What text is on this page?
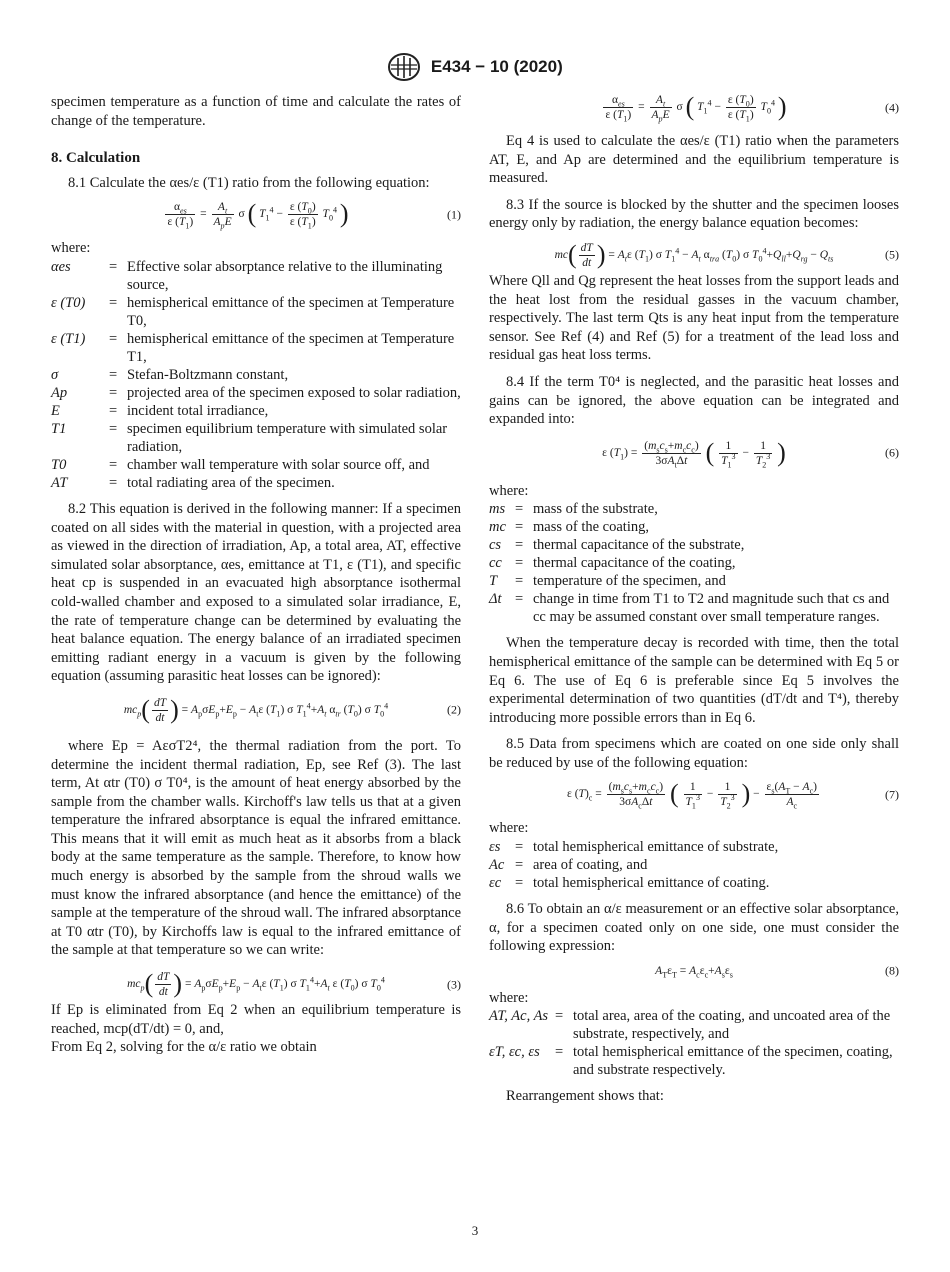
E434 − 10 (2020)

specimen temperature as a function of time and calculate the rates of change of the temperature.

8. Calculation

8.1 Calculate the αes/ε (T1) ratio from the following equation:

$\frac{\alpha_{es}}{\varepsilon (T_1)} = \frac{A_t}{A_pE}$ σ ( $T_1^4 - \frac{\varepsilon (T_0)}{\varepsilon (T_1)} T_0^4$ )	(1)

where:

αes	=	Effective solar absorptance relative to the illuminating source,
ε (T0)	=	hemispherical emittance of the specimen at Temperature T0,
ε (T1)	=	hemispherical emittance of the specimen at Temperature T1,
σ	=	Stefan-Boltzmann constant,
Ap	=	projected area of the specimen exposed to solar radiation,
E	=	incident total irradiance,
T1	=	specimen equilibrium temperature with simulated solar radiation,
T0	=	chamber wall temperature with solar source off, and
AT	=	total radiating area of the specimen.

8.2 This equation is derived in the following manner: If a specimen coated on all sides with the material in question, with a projected area as viewed in the direction of irradiation, Ap, a total area, AT, effective simulated solar absorptance, αes, emittance at T1, ε (T1), and specific heat cp is suspended in an evacuated high absorptance isothermal cold-walled chamber and exposed to a simulated solar irradiance, E, the rate of temperature change can be determined by evaluating the heat balance equation. The energy balance of an irradiated specimen emitting radiant energy in a vacuum is given by the following equation (assuming parasitic heat losses can be ignored):

$mc_p( \frac{dT}{dt}$ ) = $A_p\sigma E_p+E_p - A_t\varepsilon$ $(T_1)$ σ $T_1^4+A_t$ $\alpha_{tr}$ $(T_0)$ σ $T_0^4$	(2)

where Ep = AεσT2⁴, the thermal radiation from the port. To determine the incident thermal radiation, Ep, see Ref (3). The last term, At αtr (T0) σ T0⁴, is the amount of heat energy absorbed by the sample from the chamber walls. Kirchoff's law tells us that at a given temperature the infrared absorptance is equal the infrared emittance. This means that it will emit as much heat as it absorbs from a black body at the same temperature as the sample. Therefore, to know how much energy is absorbed by the sample from the shroud walls we must know the infrared absorptance (and hence the emittance) of the sample at the temperature of the shroud wall. The infrared absorptance at T0 αtr (T0), by Kirchoffs law is equal to the infrared emittance of the sample at that temperature so we can write:

$mc_p( \frac{dT}{dt}$ ) = $A_p\sigma E_p+E_p - A_t\varepsilon$ $(T_1)$ σ $T_1^4+A_t$ ε $(T_0)$ σ $T_0^4$	(3)

If Ep is eliminated from Eq 2 when an equilibrium temperature is reached, mcp(dT/dt) = 0, and,

From Eq 2, solving for the α/ε ratio we obtain

$\frac{\alpha_{es}}{\varepsilon (T_1)} = \frac{A_t}{A_pE}$ σ ( $T_1^4 - \frac{\varepsilon (T_0)}{\varepsilon (T_1)} T_0^4$ )	(4)

Eq 4 is used to calculate the αes/ε (T1) ratio when the parameters AT, E, and Ap are determined and the equilibrium temperature is measured.

8.3 If the source is blocked by the shutter and the specimen looses energy only by radiation, the energy balance equation becomes:

$mc( \frac{dT}{dt}$ ) = $A_t\varepsilon$ $(T_1)$ σ $T_1^4 - A_t$ $\alpha_{tra}$ $(T_0)$ σ $T_0^4+Q_{ll}+Q_{rg} - Q_{ts}$	(5)

Where Qll and Qg represent the heat losses from the support leads and the heat lost from the residual gasses in the vacuum chamber, respectively. The last term Qts is any heat input from the temperature sensor. See Ref (4) and Ref (5) for a treatment of the lead loss and residual gas heat loss terms.

8.4 If the term T0⁴ is neglected, and the parasitic heat losses and gains can be ignored, the above equation can be integrated and expanded into:

ε $(T_1) = \frac{(m_sc_s+m_cc_c)}{3\sigma A_t\Delta t}$ ( $\frac{1}{T_1^3} - \frac{1}{T_2^3}$ )	(6)

where:

ms	=	mass of the substrate,
mc	=	mass of the coating,
cs	=	thermal capacitance of the substrate,
cc	=	thermal capacitance of the coating,
T	=	temperature of the specimen, and
Δt	=	change in time from T1 to T2 and magnitude such that cs and cc may be assumed constant over small temperature ranges.

When the temperature decay is recorded with time, then the total hemispherical emittance of the sample can be determined with Eq 5 or Eq 6. The use of Eq 6 is preferable since Eq 5 involves the experimental determination of two quantities (dT/dt and T⁴), thereby introducing more possible errors than in Eq 6.

8.5 Data from specimens which are coated on one side only shall be reduced by use of the following equation:

ε $(T)_c = \frac{(m_sc_s+m_cc_c)}{3\sigma A_c\Delta t}$ ( $\frac{1}{T_1^3} - \frac{1}{T_2^3}$ ) − $\frac{\varepsilon_s(A_T - A_c)}{A_c}$	(7)

where:

εs	=	total hemispherical emittance of substrate,
Ac	=	area of coating, and
εc	=	total hemispherical emittance of coating.

8.6 To obtain an α/ε measurement or an effective solar absorptance, α, for a specimen coated only on one side, one must consider the following expression:

$A_T\varepsilon_T = A_c\varepsilon_c+A_s\varepsilon_s$	(8)

where:

AT, Ac, As	=	total area, area of the coating, and uncoated area of the substrate, respectively, and
εT, εc, εs	=	total hemispherical emittance of the specimen, coating, and substrate respectively.

Rearrangement shows that:

3
